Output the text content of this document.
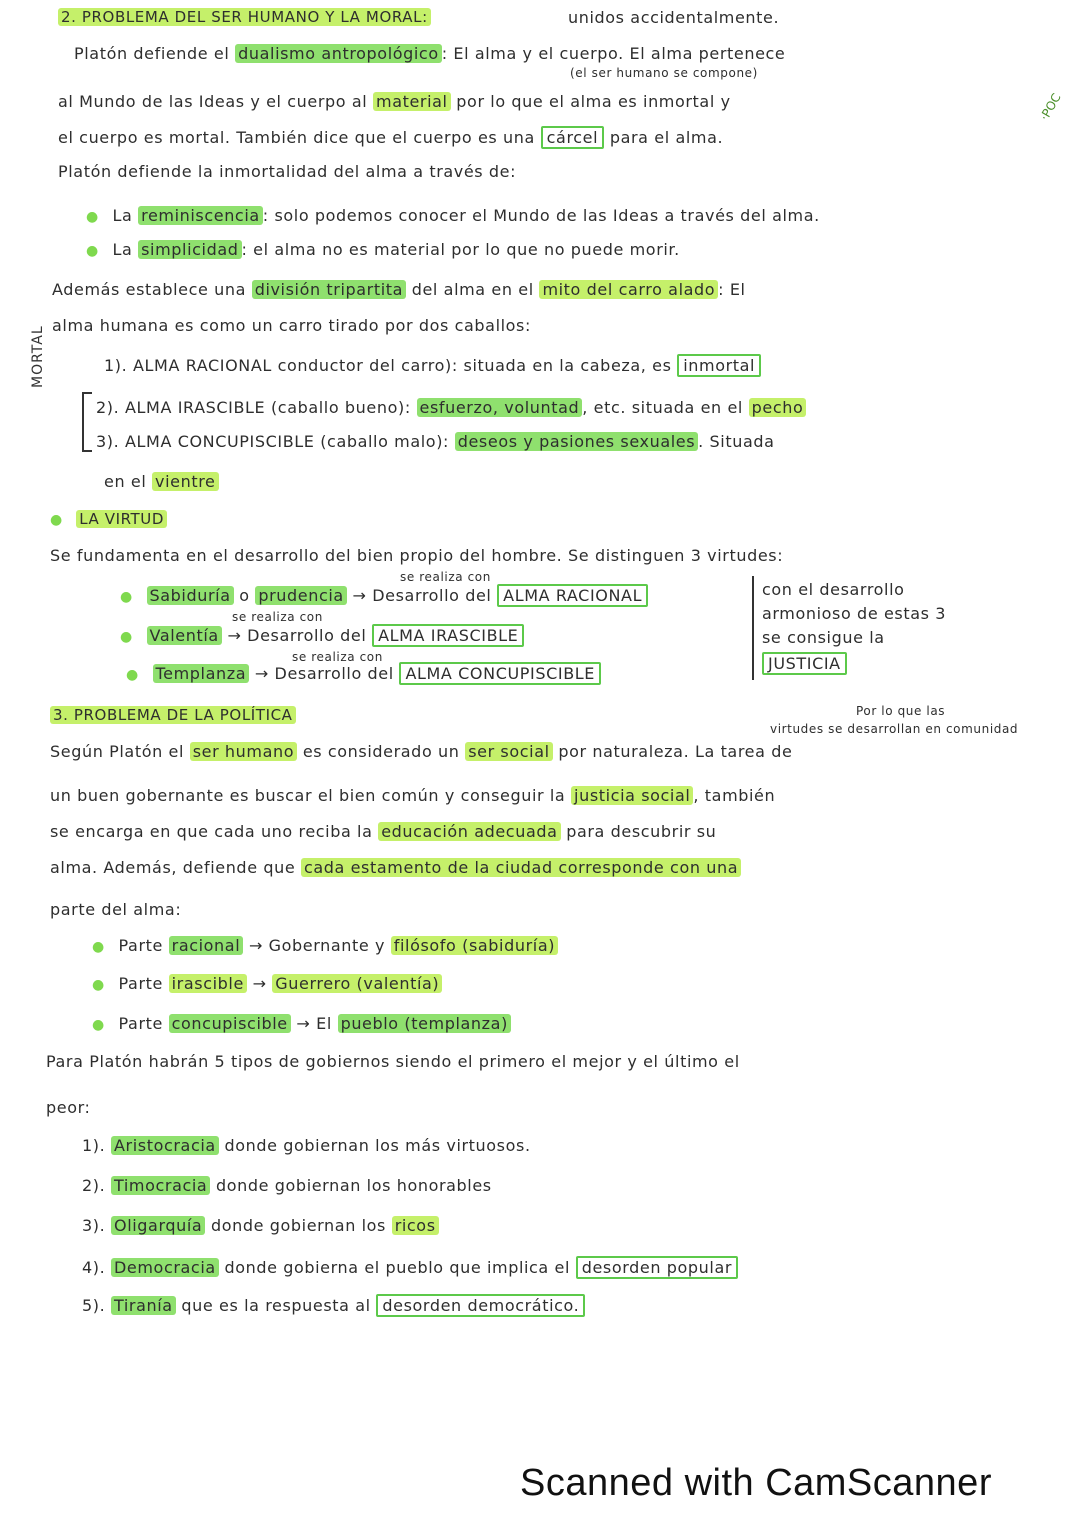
unidos accidentalmente.
2. PROBLEMA DEL SER HUMANO Y LA MORAL:
Platón defiende el dualismo antropológico : El alma y el cuerpo. El alma pertenece
(el ser humano se compone)
al Mundo de las Ideas y el cuerpo al material por lo que el alma es inmortal y
el cuerpo es mortal. También dice que el cuerpo es una cárcel para el alma.
Platón defiende la inmortalidad del alma a través de:
● La reminiscencia : solo podemos conocer el Mundo de las Ideas a través del alma.
● La simplicidad : el alma no es material por lo que no puede morir.
Además establece una división tripartita del alma en el mito del carro alado : El
alma humana es como un carro tirado por dos caballos:
1). ALMA RACIONAL conductor del carro): situada en la cabeza, es inmortal
MORTAL
2). ALMA IRASCIBLE (caballo bueno): esfuerzo, voluntad , etc. situada en el pecho
3). ALMA CONCUPISCIBLE (caballo malo): deseos y pasiones sexuales . Situada
en el vientre
● LA VIRTUD
Se fundamenta en el desarrollo del bien propio del hombre. Se distinguen 3 virtudes:
se realiza con
● Sabiduría o prudencia → Desarrollo del ALMA RACIONAL
se realiza con
● Valentía → Desarrollo del ALMA IRASCIBLE
se realiza con
● Templanza → Desarrollo del ALMA CONCUPISCIBLE
con el desarrollo
armonioso de estas 3
se consigue la
JUSTICIA
3. PROBLEMA DE LA POLÍTICA	Por lo que las
virtudes se desarrollan en comunidad
Según Platón el ser humano es considerado un ser social por naturaleza. La tarea de
un buen gobernante es buscar el bien común y conseguir la justicia social , también
se encarga en que cada uno reciba la educación adecuada para descubrir su
alma. Además, defiende que cada estamento de la ciudad corresponde con una
parte del alma:
● Parte racional → Gobernante y filósofo (sabiduría)
● Parte irascible → Guerrero (valentía)
● Parte concupiscible → El pueblo (templanza)
Para Platón habrán 5 tipos de gobiernos siendo el primero el mejor y el último el
peor:
1). Aristocracia donde gobiernan los más virtuosos.
2). Timocracia donde gobiernan los honorables
3). Oligarquía donde gobiernan los ricos
4). Democracia donde gobierna el pueblo que implica el desorden popular
5). Tiranía que es la respuesta al desorden democrático.
·POC
Scanned with CamScanner
